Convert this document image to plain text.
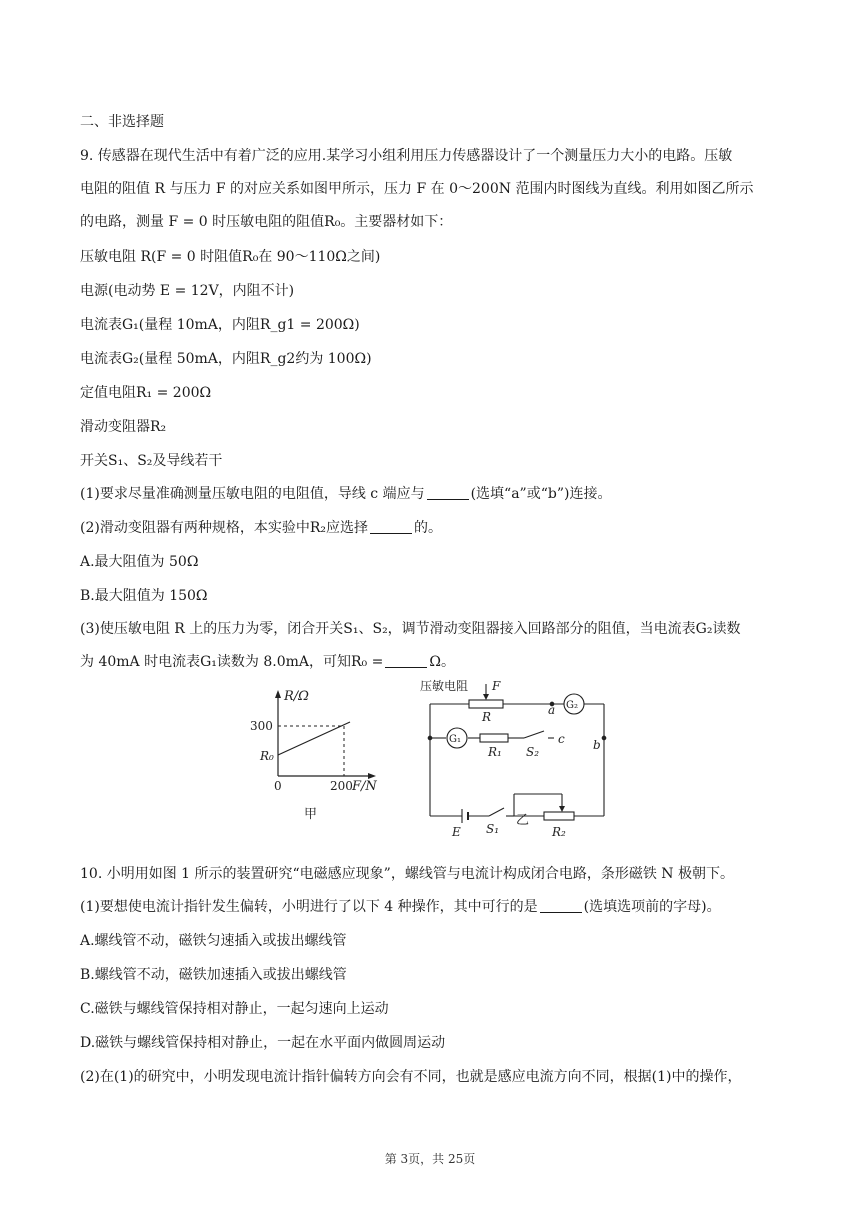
二、非选择题
9. 传感器在现代生活中有着广泛的应用.某学习小组利用压力传感器设计了一个测量压力大小的电路。压敏
电阻的阻值 R 与压力 F 的对应关系如图甲所示，压力 F 在 0～200N 范围内时图线为直线。利用如图乙所示
的电路，测量 F = 0 时压敏电阻的阻值R₀。主要器材如下：
压敏电阻 R(F = 0 时阻值R₀在 90～110Ω之间)
电源(电动势 E = 12V，内阻不计)
电流表G₁(量程 10mA，内阻R_g1 = 200Ω)
电流表G₂(量程 50mA，内阻R_g2约为 100Ω)
定值电阻R₁ = 200Ω
滑动变阻器R₂
开关S₁、S₂及导线若干
(1)要求尽量准确测量压敏电阻的电阻值，导线 c 端应与	(选填“a”或“b”)连接。
(2)滑动变阻器有两种规格，本实验中R₂应选择	的。
A.最大阻值为 50Ω
B.最大阻值为 150Ω
(3)使压敏电阻 R 上的压力为零，闭合开关S₁、S₂，调节滑动变阻器接入回路部分的阻值，当电流表G₂读数
为 40mA 时电流表G₁读数为 8.0mA，可知R₀ =	Ω。
R/Ω
F/N
300
R₀
0	200
甲
压敏电阻 F
R	a
b
c
G₁
G₂
R₁ S₂
E S₁	R₂
乙
10. 小明用如图 1 所示的装置研究“电磁感应现象”，螺线管与电流计构成闭合电路，条形磁铁 N 极朝下。
(1)要想使电流计指针发生偏转，小明进行了以下 4 种操作，其中可行的是	(选填选项前的字母)。
A.螺线管不动，磁铁匀速插入或拔出螺线管
B.螺线管不动，磁铁加速插入或拔出螺线管
C.磁铁与螺线管保持相对静止，一起匀速向上运动
D.磁铁与螺线管保持相对静止，一起在水平面内做圆周运动
(2)在(1)的研究中，小明发现电流计指针偏转方向会有不同，也就是感应电流方向不同，根据(1)中的操作，
第 3页，共 25页
